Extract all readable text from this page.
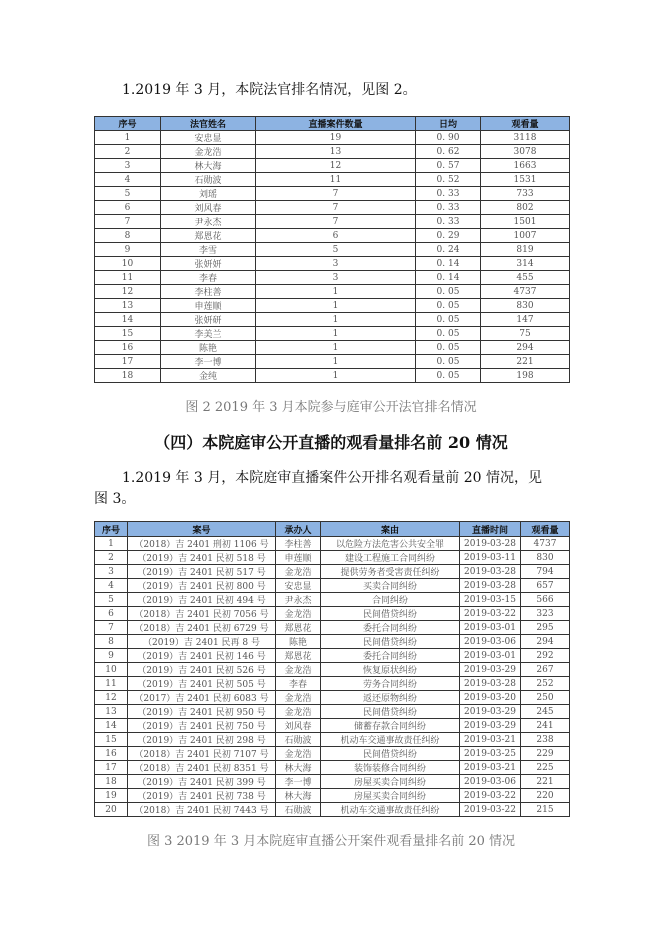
1.2019 年 3 月，本院法官排名情况，见图 2。
序号	法官姓名	直播案件数量	日均	观看量
1	安忠显	19	0. 90	3118
2	金龙浩	13	0. 62	3078
3	林大海	12	0. 57	1663
4	石勋波	11	0. 52	1531
5	刘瑶	7	0. 33	733
6	刘风春	7	0. 33	802
7	尹永杰	7	0. 33	1501
8	郑恩花	6	0. 29	1007
9	李雪	5	0. 24	819
10	张妍妍	3	0. 14	314
11	李春	3	0. 14	455
12	李柱善	1	0. 05	4737
13	申莲顺	1	0. 05	830
14	张妍研	1	0. 05	147
15	李美兰	1	0. 05	75
16	陈艳	1	0. 05	294
17	李一博	1	0. 05	221
18	金纯	1	0. 05	198
图 2 2019 年 3 月本院参与庭审公开法官排名情况
（四）本院庭审公开直播的观看量排名前 20 情况
1.2019 年 3 月，本院庭审直播案件公开排名观看量前 20 情况，见
图 3。
序号	案号	承办人	案由	直播时间	观看量
1	（2018）吉 2401 刑初 1106 号	李柱善	以危险方法危害公共安全罪	2019-03-28	4737
2	（2019）吉 2401 民初 518 号	申莲顺	建设工程施工合同纠纷	2019-03-11	830
3	（2019）吉 2401 民初 517 号	金龙浩	提供劳务者受害责任纠纷	2019-03-28	794
4	（2019）吉 2401 民初 800 号	安忠显	买卖合同纠纷	2019-03-28	657
5	（2019）吉 2401 民初 494 号	尹永杰	合同纠纷	2019-03-15	566
6	（2018）吉 2401 民初 7056 号	金龙浩	民间借贷纠纷	2019-03-22	323
7	（2018）吉 2401 民初 6729 号	郑恩花	委托合同纠纷	2019-03-01	295
8	（2019）吉 2401 民再 8 号	陈艳	民间借贷纠纷	2019-03-06	294
9	（2019）吉 2401 民初 146 号	郑恩花	委托合同纠纷	2019-03-01	292
10	（2019）吉 2401 民初 526 号	金龙浩	恢复原状纠纷	2019-03-29	267
11	（2019）吉 2401 民初 505 号	李春	劳务合同纠纷	2019-03-28	252
12	（2017）吉 2401 民初 6083 号	金龙浩	返还原物纠纷	2019-03-20	250
13	（2019）吉 2401 民初 950 号	金龙浩	民间借贷纠纷	2019-03-29	245
14	（2019）吉 2401 民初 750 号	刘风春	储蓄存款合同纠纷	2019-03-29	241
15	（2019）吉 2401 民初 298 号	石勋波	机动车交通事故责任纠纷	2019-03-21	238
16	（2018）吉 2401 民初 7107 号	金龙浩	民间借贷纠纷	2019-03-25	229
17	（2018）吉 2401 民初 8351 号	林大海	装饰装修合同纠纷	2019-03-21	225
18	（2019）吉 2401 民初 399 号	李一博	房屋买卖合同纠纷	2019-03-06	221
19	（2019）吉 2401 民初 738 号	林大海	房屋买卖合同纠纷	2019-03-22	220
20	（2018）吉 2401 民初 7443 号	石勋波	机动车交通事故责任纠纷	2019-03-22	215
图 3 2019 年 3 月本院庭审直播公开案件观看量排名前 20 情况
